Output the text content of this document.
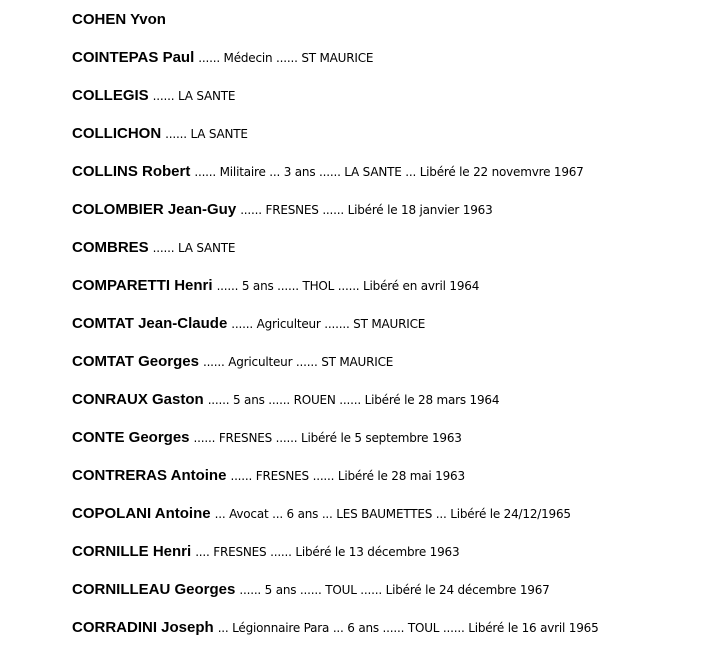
COHEN Yvon
COINTEPAS Paul ...... Médecin ...... ST MAURICE
COLLEGIS ...... LA SANTE
COLLICHON ...... LA SANTE
COLLINS Robert ...... Militaire ... 3 ans ...... LA SANTE ... Libéré le 22 novemvre 1967
COLOMBIER Jean-Guy ...... FRESNES ...... Libéré le 18 janvier 1963
COMBRES ...... LA SANTE
COMPARETTI Henri ...... 5 ans ...... THOL ...... Libéré en avril 1964
COMTAT Jean-Claude ...... Agriculteur ....... ST MAURICE
COMTAT Georges ...... Agriculteur ...... ST MAURICE
CONRAUX Gaston ...... 5 ans ...... ROUEN ...... Libéré le 28 mars 1964
CONTE Georges ...... FRESNES ...... Libéré le 5 septembre 1963
CONTRERAS Antoine ...... FRESNES ...... Libéré le 28 mai 1963
COPOLANI Antoine ... Avocat ... 6 ans ... LES BAUMETTES ... Libéré le 24/12/1965
CORNILLE Henri .... FRESNES ...... Libéré le 13 décembre 1963
CORNILLEAU Georges ...... 5 ans ...... TOUL ...... Libéré le 24 décembre 1967
CORRADINI Joseph ... Légionnaire Para ... 6 ans ...... TOUL ...... Libéré le 16 avril 1965
